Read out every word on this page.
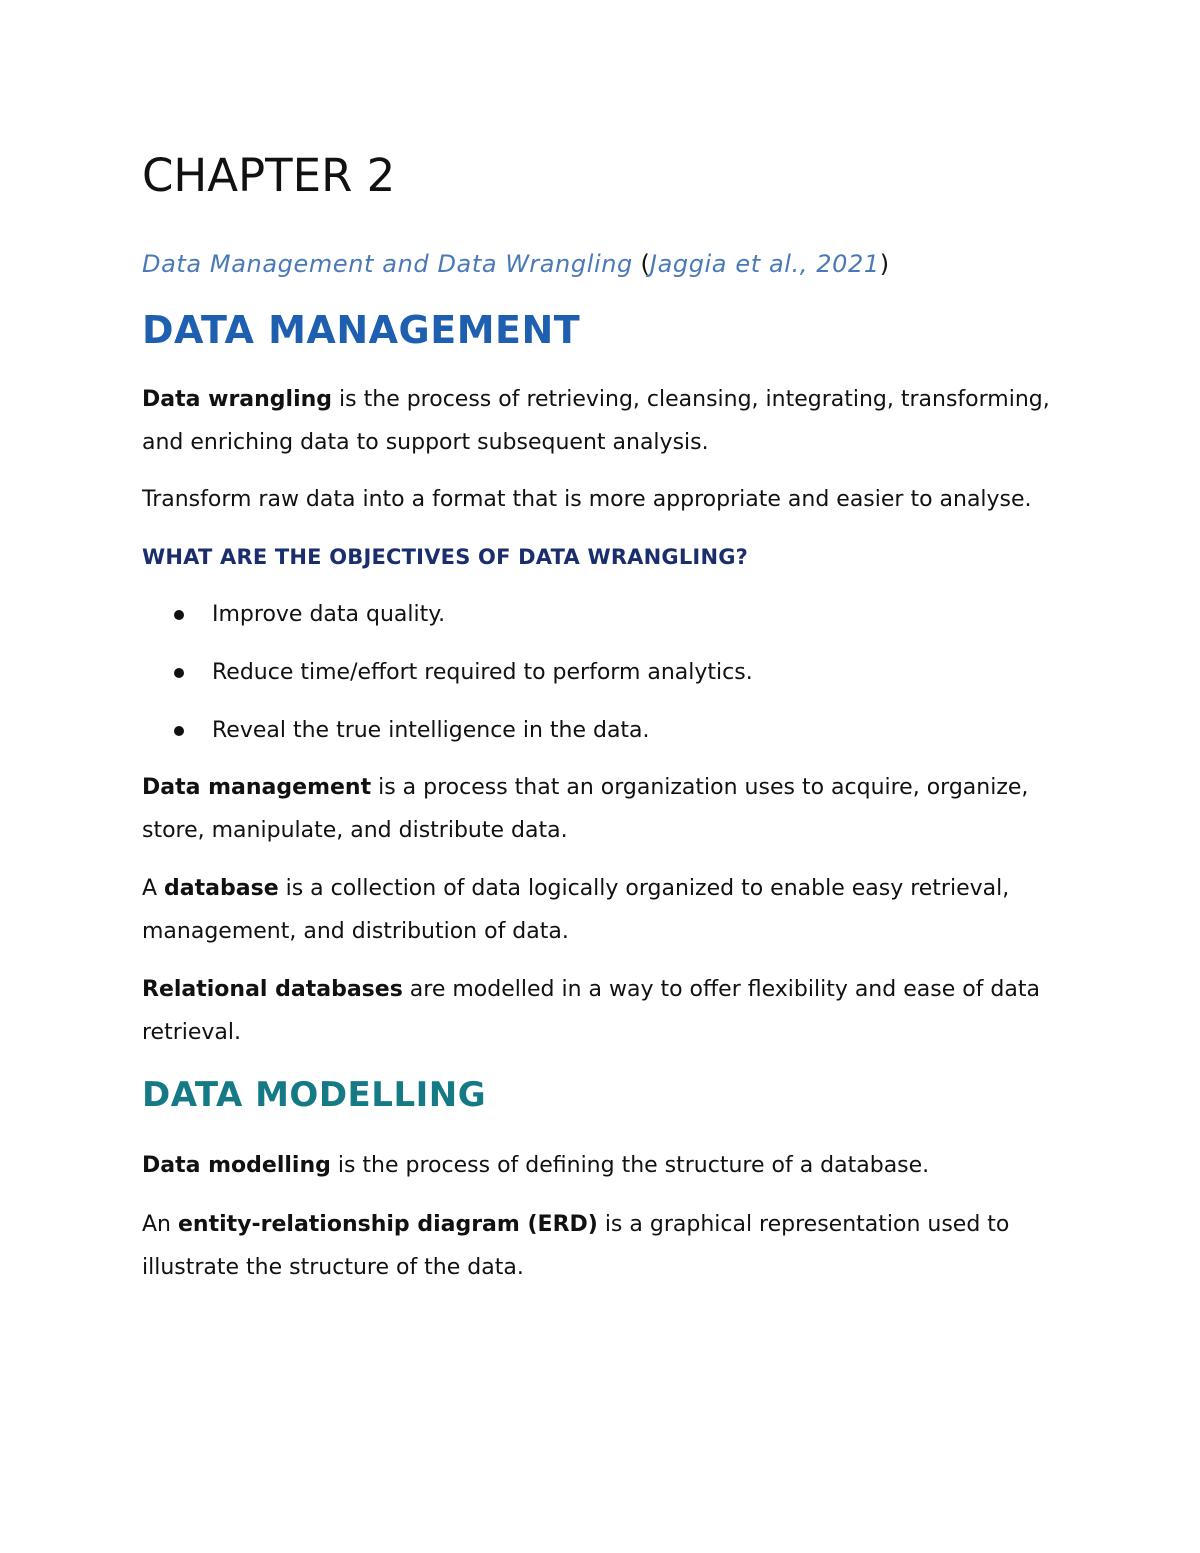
CHAPTER 2
Data Management and Data Wrangling (Jaggia et al., 2021)
DATA MANAGEMENT

Data wrangling is the process of retrieving, cleansing, integrating, transforming, and enriching data to support subsequent analysis.

Transform raw data into a format that is more appropriate and easier to analyse.

WHAT ARE THE OBJECTIVES OF DATA WRANGLING?
Improve data quality.
Reduce time/effort required to perform analytics.
Reveal the true intelligence in the data.

Data management is a process that an organization uses to acquire, organize, store, manipulate, and distribute data.

A database is a collection of data logically organized to enable easy retrieval, management, and distribution of data.

Relational databases are modelled in a way to offer flexibility and ease of data retrieval.

DATA MODELLING

Data modelling is the process of defining the structure of a database.

An entity-relationship diagram (ERD) is a graphical representation used to illustrate the structure of the data.
